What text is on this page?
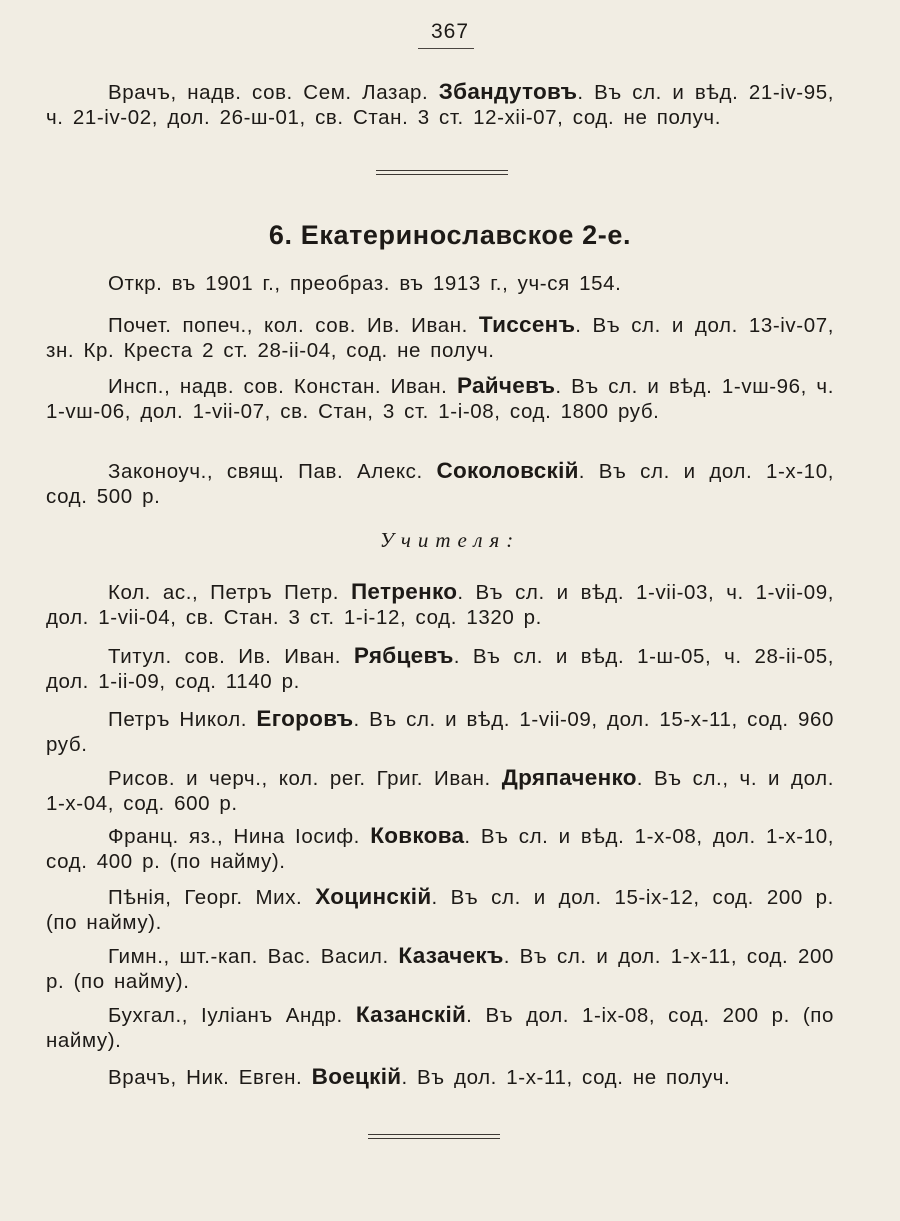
367

Врачъ, надв. сов. Сем. Лазар. Збандутовъ. Въ сл. и вѣд. 21-iv-95, ч. 21-iv-02, дол. 26-ш-01, св. Стан. 3 ст. 12-xii-07, сод. не получ.

6. Екатеринославское 2-е.

Откр. въ 1901 г., преобраз. въ 1913 г., уч-ся 154.

Почет. попеч., кол. сов. Ив. Иван. Тиссенъ. Въ сл. и дол. 13-iv-07, зн. Кр. Креста 2 ст. 28-ii-04, сод. не получ.

Инсп., надв. сов. Констан. Иван. Райчевъ. Въ сл. и вѣд. 1-vш-96, ч. 1-vш-06, дол. 1-vii-07, св. Стан, 3 ст. 1-i-08, сод. 1800 руб.

Законоуч., свящ. Пав. Алекс. Соколовскій. Въ сл. и дол. 1-x-10, сод. 500 р.

Учителя:

Кол. ас., Петръ Петр. Петренко. Въ сл. и вѣд. 1-vii-03, ч. 1-vii-09, дол. 1-vii-04, св. Стан. 3 ст. 1-i-12, сод. 1320 р.

Титул. сов. Ив. Иван. Рябцевъ. Въ сл. и вѣд. 1-ш-05, ч. 28-ii-05, дол. 1-ii-09, сод. 1140 р.

Петръ Никол. Егоровъ. Въ сл. и вѣд. 1-vii-09, дол. 15-x-11, сод. 960 руб.

Рисов. и черч., кол. рег. Григ. Иван. Дряпаченко. Въ сл., ч. и дол. 1-x-04, сод. 600 р.

Франц. яз., Нина Іосиф. Ковкова. Въ сл. и вѣд. 1-x-08, дол. 1-x-10, сод. 400 р. (по найму).

Пѣнія, Георг. Мих. Хоцинскій. Въ сл. и дол. 15-ix-12, сод. 200 р. (по найму).

Гимн., шт.-кап. Вас. Васил. Казачекъ. Въ сл. и дол. 1-x-11, сод. 200 р. (по найму).

Бухгал., Іуліанъ Андр. Казанскій. Въ дол. 1-ix-08, сод. 200 р. (по найму).

Врачъ, Ник. Евген. Воецкій. Въ дол. 1-x-11, сод. не получ.
